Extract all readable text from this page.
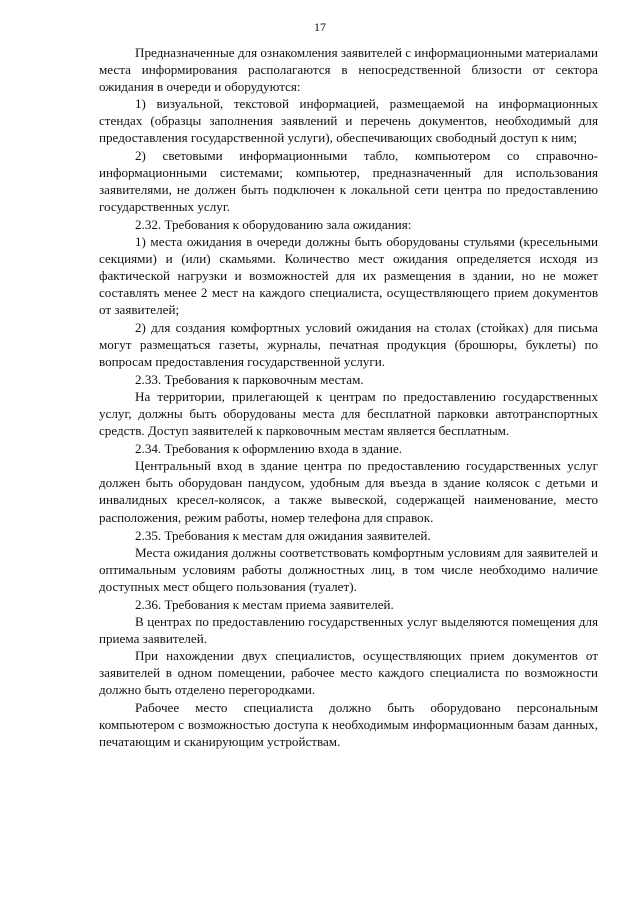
17

Предназначенные для ознакомления заявителей с информационными материалами места информирования располагаются в непосредственной близости от сектора ожидания в очереди и оборудуются:

1) визуальной, текстовой информацией, размещаемой на информационных стендах (образцы заполнения заявлений и перечень документов, необходимый для предоставления государственной услуги), обеспечивающих свободный доступ к ним;

2) световыми информационными табло, компьютером со справочно-информационными системами; компьютер, предназначенный для использования заявителями, не должен быть подключен к локальной сети центра по предоставлению государственных услуг.

2.32. Требования к оборудованию зала ожидания:

1) места ожидания в очереди должны быть оборудованы стульями (кресельными секциями) и (или) скамьями. Количество мест ожидания определяется исходя из фактической нагрузки и возможностей для их размещения в здании, но не может составлять менее 2 мест на каждого специалиста, осуществляющего прием документов от заявителей;

2) для создания комфортных условий ожидания на столах (стойках) для письма могут размещаться газеты, журналы, печатная продукция (брошюры, буклеты) по вопросам предоставления государственной услуги.

2.33. Требования к парковочным местам.

На территории, прилегающей к центрам по предоставлению государственных услуг, должны быть оборудованы места для бесплатной парковки автотранспортных средств. Доступ заявителей к парковочным местам является бесплатным.

2.34. Требования к оформлению входа в здание.

Центральный вход в здание центра по предоставлению государственных услуг должен быть оборудован пандусом, удобным для въезда в здание колясок с детьми и инвалидных кресел-колясок, а также вывеской, содержащей наименование, место расположения, режим работы, номер телефона для справок.

2.35. Требования к местам для ожидания заявителей.

Места ожидания должны соответствовать комфортным условиям для заявителей и оптимальным условиям работы должностных лиц, в том числе необходимо наличие доступных мест общего пользования (туалет).

2.36. Требования к местам приема заявителей.

В центрах по предоставлению государственных услуг выделяются помещения для приема заявителей.

При нахождении двух специалистов, осуществляющих прием документов от заявителей в одном помещении, рабочее место каждого специалиста по возможности должно быть отделено перегородками.

Рабочее место специалиста должно быть оборудовано персональным компьютером с возможностью доступа к необходимым информационным базам данных, печатающим и сканирующим устройствам.
